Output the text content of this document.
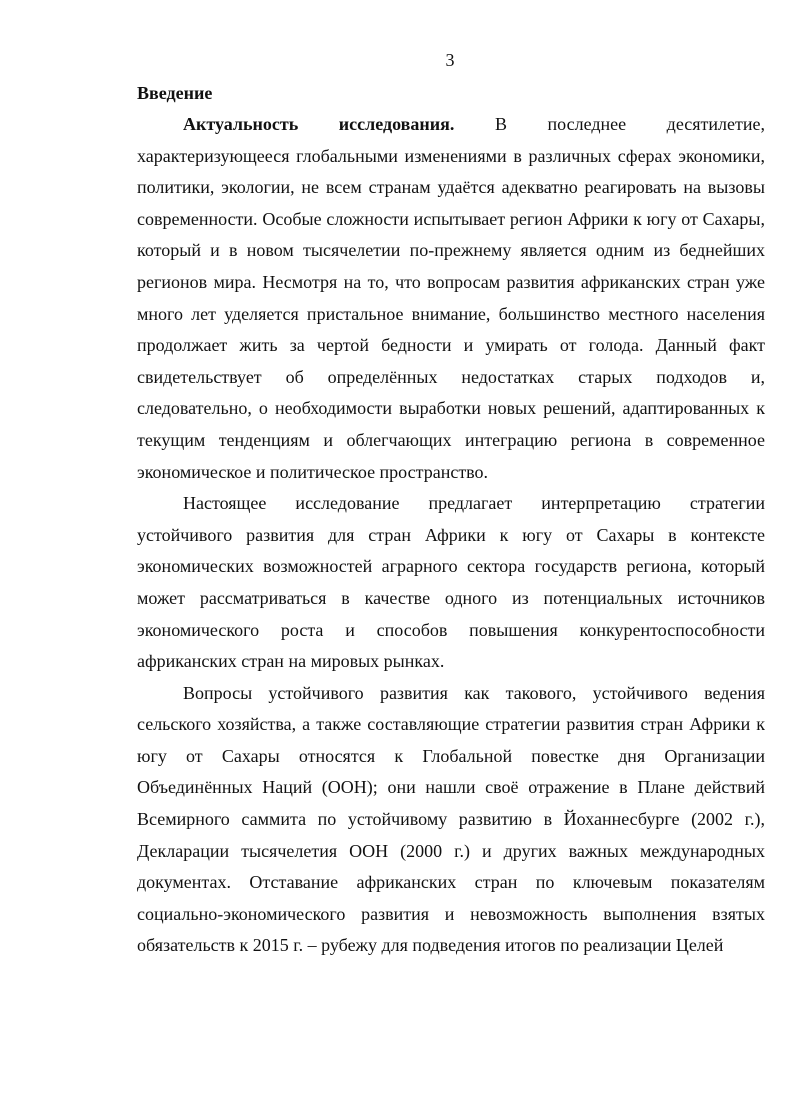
3

Введение

Актуальность исследования. В последнее десятилетие, характеризующееся глобальными изменениями в различных сферах экономики, политики, экологии, не всем странам удаётся адекватно реагировать на вызовы современности. Особые сложности испытывает регион Африки к югу от Сахары, который и в новом тысячелетии по-прежнему является одним из беднейших регионов мира. Несмотря на то, что вопросам развития африканских стран уже много лет уделяется пристальное внимание, большинство местного населения продолжает жить за чертой бедности и умирать от голода. Данный факт свидетельствует об определённых недостатках старых подходов и, следовательно, о необходимости выработки новых решений, адаптированных к текущим тенденциям и облегчающих интеграцию региона в современное экономическое и политическое пространство.

Настоящее исследование предлагает интерпретацию стратегии устойчивого развития для стран Африки к югу от Сахары в контексте экономических возможностей аграрного сектора государств региона, который может рассматриваться в качестве одного из потенциальных источников экономического роста и способов повышения конкурентоспособности африканских стран на мировых рынках.

Вопросы устойчивого развития как такового, устойчивого ведения сельского хозяйства, а также составляющие стратегии развития стран Африки к югу от Сахары относятся к Глобальной повестке дня Организации Объединённых Наций (ООН); они нашли своё отражение в Плане действий Всемирного саммита по устойчивому развитию в Йоханнесбурге (2002 г.), Декларации тысячелетия ООН (2000 г.) и других важных международных документах. Отставание африканских стран по ключевым показателям социально-экономического развития и невозможность выполнения взятых обязательств к 2015 г. – рубежу для подведения итогов по реализации Целей
